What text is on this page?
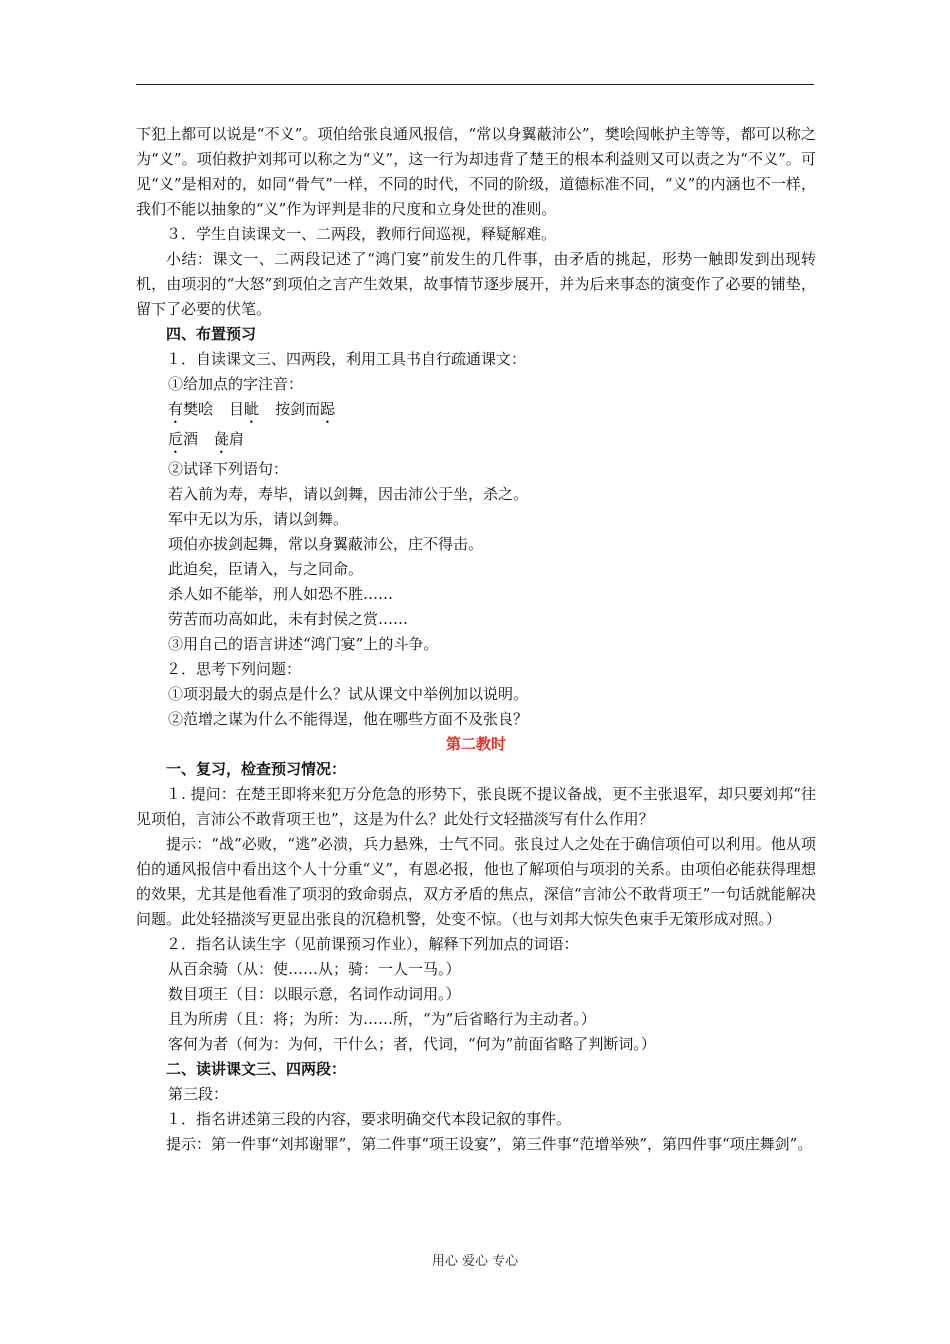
下犯上都可以说是“不义”。项伯给张良通风报信，“常以身翼蔽沛公”，樊哙闯帐护主等等，都可以称之为“义”。项伯救护刘邦可以称之为“义”，这一行为却违背了楚王的根本利益则又可以责之为“不义”。可见“义”是相对的，如同“骨气”一样，不同的时代，不同的阶级，道德标准不同，“义”的内涵也不一样，我们不能以抽象的“义”作为评判是非的尺度和立身处世的准则。

３．学生自读课文一、二两段，教师行间巡视，释疑解难。

小结：课文一、二两段记述了“鸿门宴”前发生的几件事，由矛盾的挑起，形势一触即发到出现转机，由项羽的“大怒”到项伯之言产生效果，故事情节逐步展开，并为后来事态的演变作了必要的铺垫，留下了必要的伏笔。

四、布置预习

１．自读课文三、四两段，利用工具书自行疏通课文：

①给加点的字注音：

有樊哙 目眦 按剑而跽

卮酒 彘肩

②试译下列语句：

若入前为寿，寿毕，请以剑舞，因击沛公于坐，杀之。

军中无以为乐，请以剑舞。

项伯亦拔剑起舞，常以身翼蔽沛公，庄不得击。

此迫矣，臣请入，与之同命。

杀人如不能举，刑人如恐不胜……

劳苦而功高如此，未有封侯之赏……

③用自己的语言讲述“鸿门宴”上的斗争。

２．思考下列问题：

①项羽最大的弱点是什么？试从课文中举例加以说明。

②范增之谋为什么不能得逞，他在哪些方面不及张良？

第二教时

一、复习，检查预习情况：

１. 提问：在楚王即将来犯万分危急的形势下，张良既不提议备战，更不主张退军，却只要刘邦“往见项伯，言沛公不敢背项王也”，这是为什么？此处行文轻描淡写有什么作用？

提示：“战”必败，“逃”必溃，兵力悬殊，士气不同。张良过人之处在于确信项伯可以利用。他从项伯的通风报信中看出这个人十分重“义”，有恩必报，他也了解项伯与项羽的关系。由项伯必能获得理想的效果，尤其是他看准了项羽的致命弱点，双方矛盾的焦点，深信“言沛公不敢背项王”一句话就能解决问题。此处轻描淡写更显出张良的沉稳机警，处变不惊。（也与刘邦大惊失色束手无策形成对照。）

２．指名认读生字（见前课预习作业），解释下列加点的词语：

从百余骑（从：使……从；骑：一人一马。）

数目项王（目：以眼示意，名词作动词用。）

且为所虏（且：将；为所：为……所，“为”后省略行为主动者。）

客何为者（何为：为何，干什么；者，代词，“何为”前面省略了判断词。）

二、读讲课文三、四两段：

第三段：

１．指名讲述第三段的内容，要求明确交代本段记叙的事件。

提示：第一件事“刘邦谢罪”，第二件事“项王设宴”，第三件事“范增举殃”，第四件事“项庄舞剑”。

用心 爱心 专心
